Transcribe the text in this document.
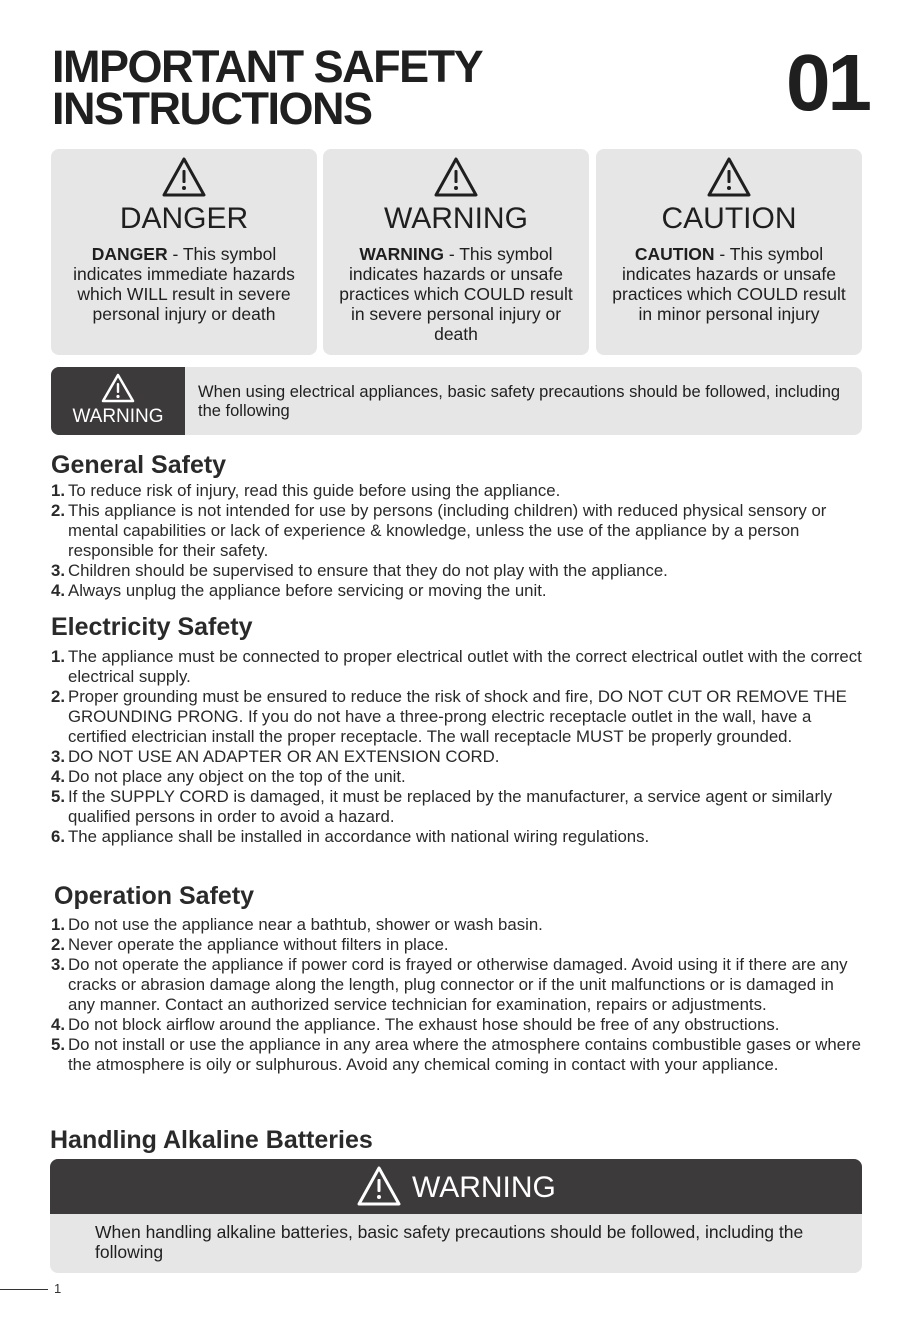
IMPORTANT SAFETY
INSTRUCTIONS	01
DANGER
DANGER - This symbol indicates immediate hazards which WILL result in severe personal injury or death
WARNING
WARNING - This symbol indicates hazards or unsafe practices which COULD result in severe personal injury or death
CAUTION
CAUTION - This symbol indicates hazards or unsafe practices which COULD result in minor personal injury
WARNING
When using electrical appliances, basic safety precautions should be followed, including the following
General Safety
1. To reduce risk of injury, read this guide before using the appliance.
2. This appliance is not intended for use by persons (including children) with reduced physical sensory or mental capabilities or lack of experience & knowledge, unless the use of the appliance by a person responsible for their safety.
3. Children should be supervised to ensure that they do not play with the appliance.
4. Always unplug the appliance before servicing or moving the unit.
Electricity Safety
1. The appliance must be connected to proper electrical outlet with the correct electrical outlet with the correct electrical supply.
2. Proper grounding must be ensured to reduce the risk of shock and fire, DO NOT CUT OR REMOVE THE GROUNDING PRONG. If you do not have a three-prong electric receptacle outlet in the wall, have a certified electrician install the proper receptacle. The wall receptacle MUST be properly grounded.
3. DO NOT USE AN ADAPTER OR AN EXTENSION CORD.
4. Do not place any object on the top of the unit.
5. If the SUPPLY CORD is damaged, it must be replaced by the manufacturer, a service agent or similarly qualified persons in order to avoid a hazard.
6. The appliance shall be installed in accordance with national wiring regulations.
Operation Safety
1. Do not use the appliance near a bathtub, shower or wash basin.
2. Never operate the appliance without filters in place.
3. Do not operate the appliance if power cord is frayed or otherwise damaged. Avoid using it if there are any cracks or abrasion damage along the length, plug connector or if the unit malfunctions or is damaged in any manner. Contact an authorized service technician for examination, repairs or adjustments.
4. Do not block airflow around the appliance. The exhaust hose should be free of any obstructions.
5. Do not install or use the appliance in any area where the atmosphere contains combustible gases or where the atmosphere is oily or sulphurous. Avoid any chemical coming in contact with your appliance.
Handling Alkaline Batteries
WARNING
When handling alkaline batteries, basic safety precautions should be followed, including the following
1
